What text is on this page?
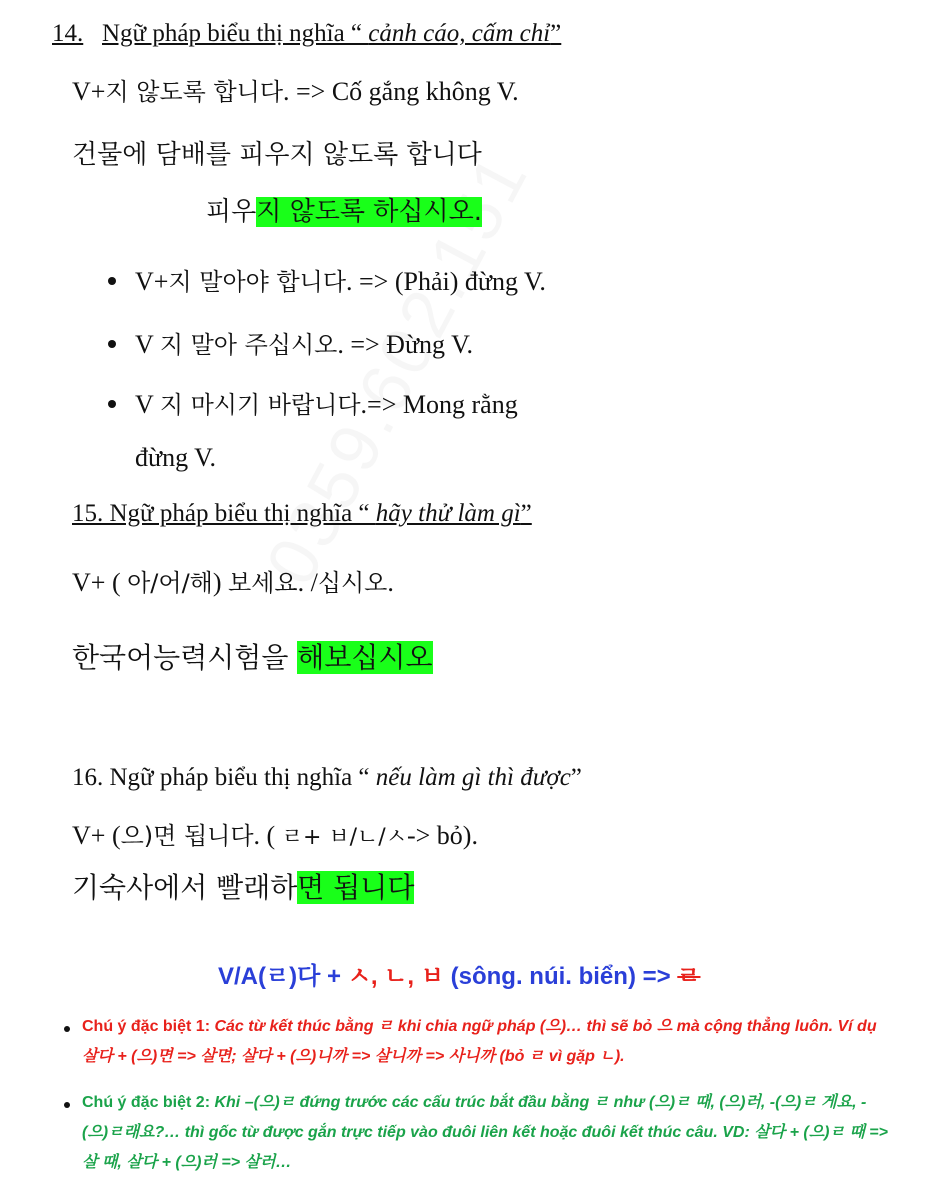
14. Ngữ pháp biểu thị nghĩa “ cảnh cáo, cấm chỉ”
V+지 않도록 합니다. => Cố gắng không V.
건물에 담배를 피우지 않도록 합니다
피우지 않도록 하십시오.
V+지 말아야 합니다. => (Phải) đừng V.
V 지 말아 주십시오. => Đừng V.
V 지 마시기 바랍니다.=> Mong rằng
đừng V.
15. Ngữ pháp biểu thị nghĩa “ hãy thử làm gì”
V+ ( 아/어/해) 보세요. /십시오.
한국어능력시험을 해보십시오
16. Ngữ pháp biểu thị nghĩa “ nếu làm gì thì được”
V+ (으)면 됩니다. ( ㄹ+ ㅂ/ㄴ/ㅅ-> bỏ).
기숙사에서 빨래하면 됩니다
V/A(ㄹ)다 + ㅅ, ㄴ, ㅂ (sông. núi. biển) => ㄹ
Chú ý đặc biệt 1: Các từ kết thúc bằng ㄹ khi chia ngữ pháp (으)… thì sẽ bỏ 으 mà cộng thẳng luôn. Ví dụ 살다 + (으)면 => 살면; 살다 + (으)니까 => 살니까 => 사니까 (bỏ ㄹ vì gặp ㄴ).
Chú ý đặc biệt 2: Khi –(으)ㄹ đứng trước các cấu trúc bắt đầu bằng ㄹ như (으)ㄹ 때, (으)러, -(으)ㄹ 게요, -(으)ㄹ래요?… thì gốc từ được gắn trực tiếp vào đuôi liên kết hoặc đuôi kết thúc câu. VD: 살다 + (으)ㄹ 때 => 살 때, 살다 + (으)러 => 살러…
